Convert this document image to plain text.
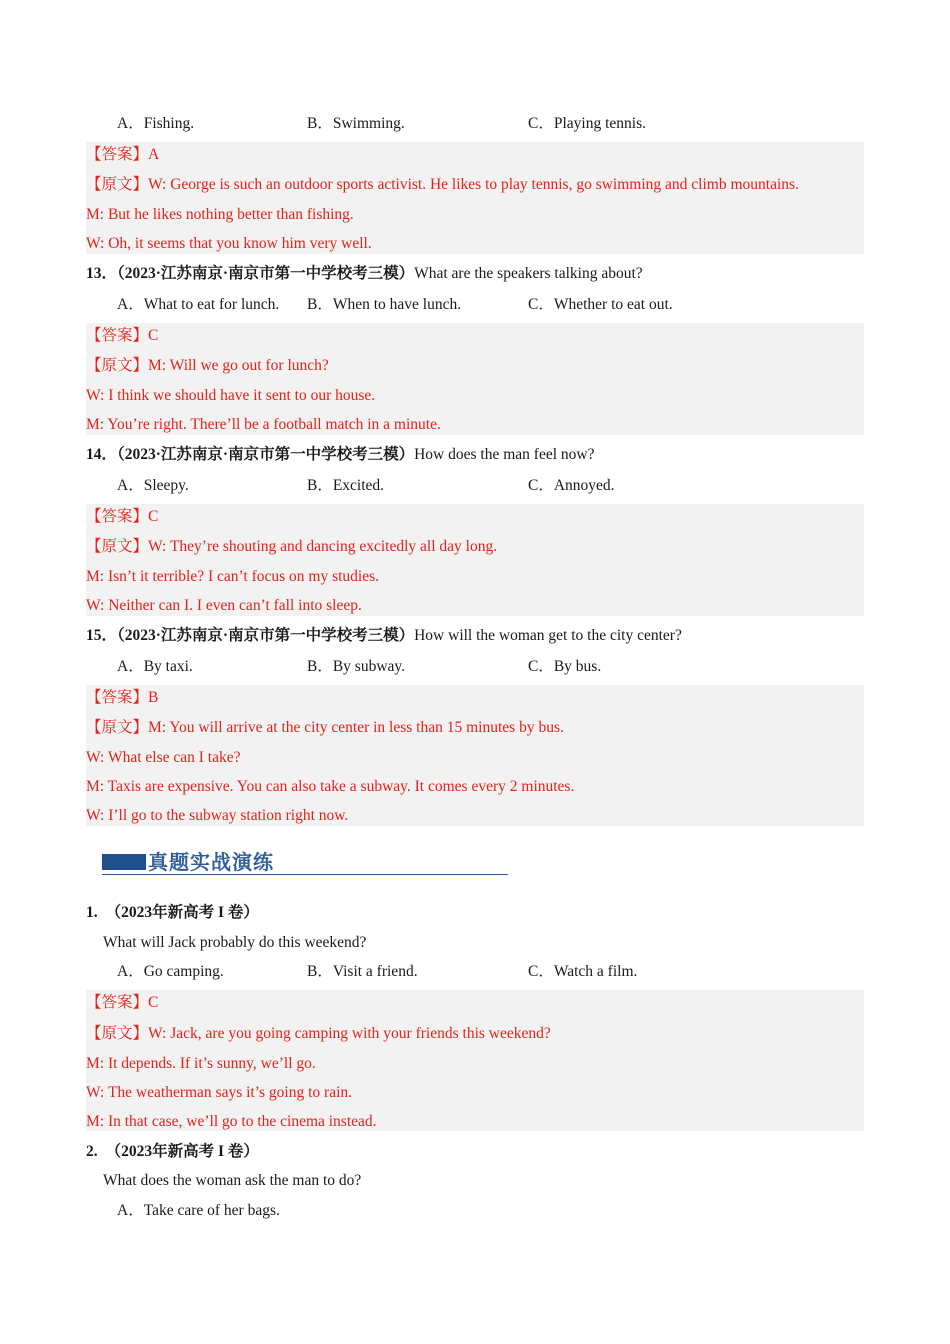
A．Fishing.	B．Swimming.	C．Playing tennis.
【答案】A
【原文】W: George is such an outdoor sports activist. He likes to play tennis, go swimming and climb mountains.
M: But he likes nothing better than fishing.
W: Oh, it seems that you know him very well.
13．（2023·江苏南京·南京市第一中学校考三模）What are the speakers talking about?
A．What to eat for lunch. B．When to have lunch.	C．Whether to eat out.
【答案】C
【原文】M: Will we go out for lunch?
W: I think we should have it sent to our house.
M: You’re right. There’ll be a football match in a minute.
14．（2023·江苏南京·南京市第一中学校考三模）How does the man feel now?
A．Sleepy.	B．Excited.	C．Annoyed.
【答案】C
【原文】W: They’re shouting and dancing excitedly all day long.
M: Isn’t it terrible? I can’t focus on my studies.
W: Neither can I. I even can’t fall into sleep.
15．（2023·江苏南京·南京市第一中学校考三模）How will the woman get to the city center?
A．By taxi.	B．By subway.	C．By bus.
【答案】B
【原文】M: You will arrive at the city center in less than 15 minutes by bus.
W: What else can I take?
M: Taxis are expensive. You can also take a subway. It comes every 2 minutes.
W: I’ll go to the subway station right now.
真题实战演练
1. （2023年新高考 I 卷）
What will Jack probably do this weekend?
A．Go camping.	B．Visit a friend.	C．Watch a film.
【答案】C
【原文】W: Jack, are you going camping with your friends this weekend?
M: It depends. If it’s sunny, we’ll go.
W: The weatherman says it’s going to rain.
M: In that case, we’ll go to the cinema instead.
2. （2023年新高考 I 卷）
What does the woman ask the man to do?
A．Take care of her bags.
